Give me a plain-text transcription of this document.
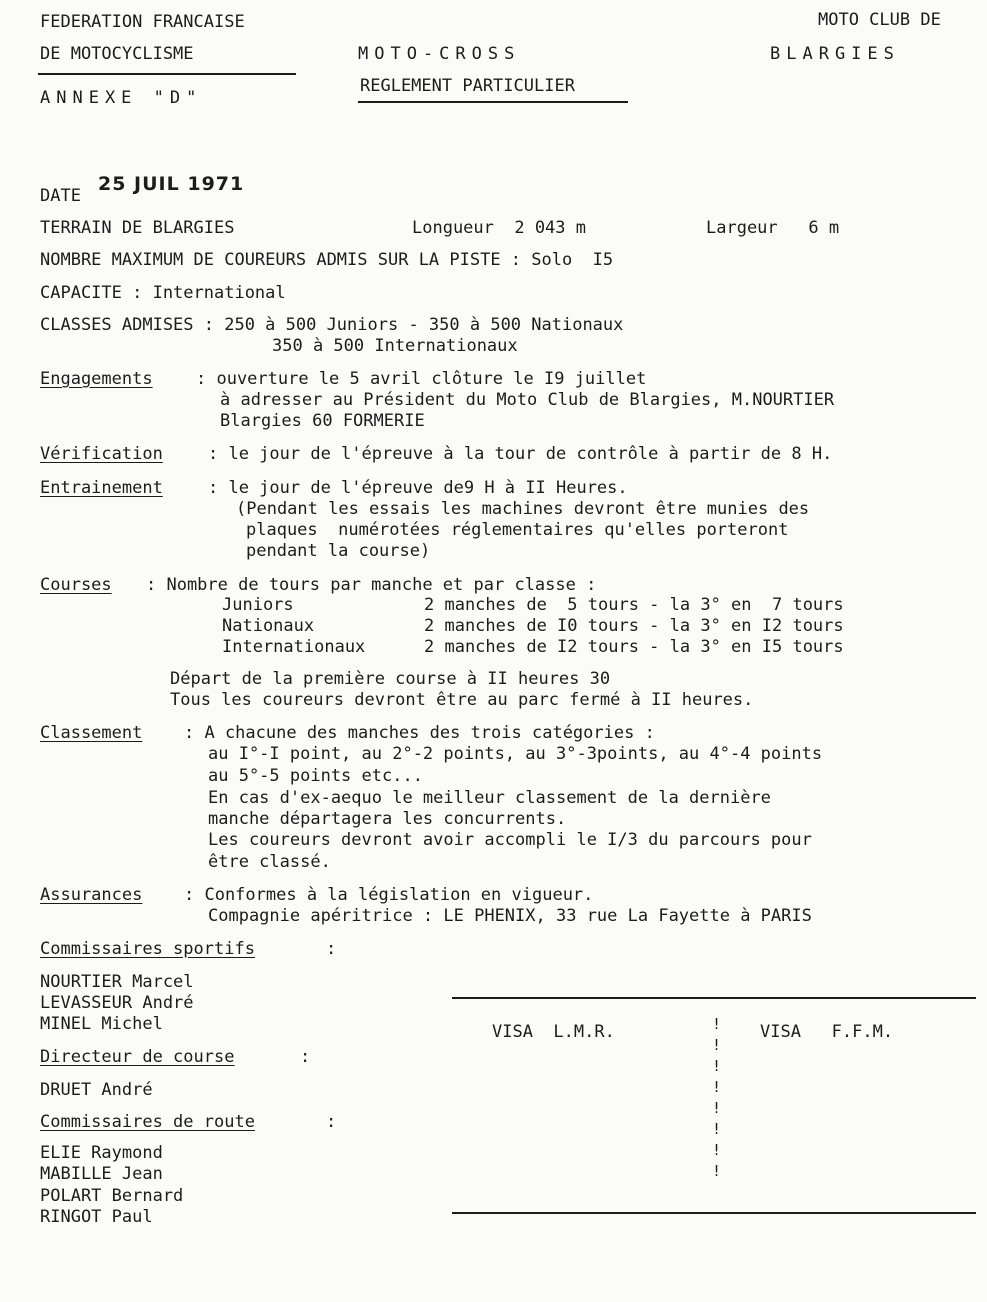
FEDERATION FRANCAISE
DE MOTOCYCLISME
ANNEXE "D"
MOTO-CROSS
REGLEMENT PARTICULIER
MOTO CLUB DE
BLARGIES
DATE
25 JUIL 1971
TERRAIN DE BLARGIES	Longueur  2 043 m	Largeur   6 m
NOMBRE MAXIMUM DE COUREURS ADMIS SUR LA PISTE : Solo  I5
CAPACITE : International
CLASSES ADMISES : 250 à 500 Juniors - 350 à 500 Nationaux
350 à 500 Internationaux
Engagements	: ouverture le 5 avril clôture le I9 juillet
à adresser au Président du Moto Club de Blargies, M.NOURTIER
Blargies 60 FORMERIE
Vérification	: le jour de l'épreuve à la tour de contrôle à partir de 8 H.
Entrainement	: le jour de l'épreuve de9 H à II Heures.
(Pendant les essais les machines devront être munies des
plaques  numérotées réglementaires qu'elles porteront
pendant la course)
Courses : Nombre de tours par manche et par classe :
Juniors	2 manches de  5 tours - la 3° en  7 tours
Nationaux	2 manches de I0 tours - la 3° en I2 tours
Internationaux	2 manches de I2 tours - la 3° en I5 tours
Départ de la première course à II heures 30
Tous les coureurs devront être au parc fermé à II heures.
Classement : A chacune des manches des trois catégories :
au I°-I point, au 2°-2 points, au 3°-3points, au 4°-4 points
au 5°-5 points etc...
En cas d'ex-aequo le meilleur classement de la dernière
manche départagera les concurrents.
Les coureurs devront avoir accompli le I/3 du parcours pour
être classé.
Assurances : Conformes à la législation en vigueur.
Compagnie apéritrice : LE PHENIX, 33 rue La Fayette à PARIS
Commissaires sportifs	:
NOURTIER Marcel
LEVASSEUR André
MINEL Michel
Directeur de course	:
DRUET André
Commissaires de route	:
ELIE Raymond
MABILLE Jean
POLART Bernard
RINGOT Paul
VISA  L.M.R.	VISA   F.F.M.
!
!
!
!
!
!
!
!
